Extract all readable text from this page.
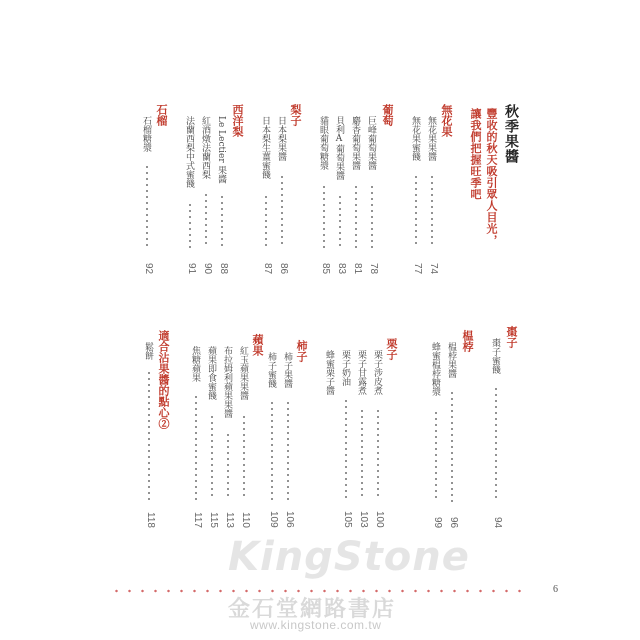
秋季果醬
豐收的秋天吸引眾人目光，
讓我們把握旺季吧
無花果
無花果果醬
74
無花果蜜餞
77
葡萄
巨峰葡萄果醬
78
麝香葡萄果醬
81
貝利A葡萄果醬
83
貓眼葡萄糖漿
85
梨子
日本梨果醬
86
日本梨生薑蜜餞
87
西洋梨
Le Lectier 果醬
88
紅酒燉法蘭西梨
90
法蘭西梨中式蜜餞
91
石榴
石榴糖漿
92
棗子
棗子蜜餞
94
榅桲
榅桲果醬
96
蜂蜜榅桲糖漿
99
栗子
栗子涉皮煮
100
栗子甘露煮
103
栗子奶油
105
蜂蜜栗子醬
柿子
柿子果醬
106
柿子蜜餞
109
蘋果
紅玉蘋果果醬
110
布拉姆利蘋果果醬
113
蘋果即食蜜餞
115
焦糖蘋果
117
適合沾果醬的點心②
鬆餅
118
KingStone
金石堂網路書店
www.kingstone.com.tw
6
